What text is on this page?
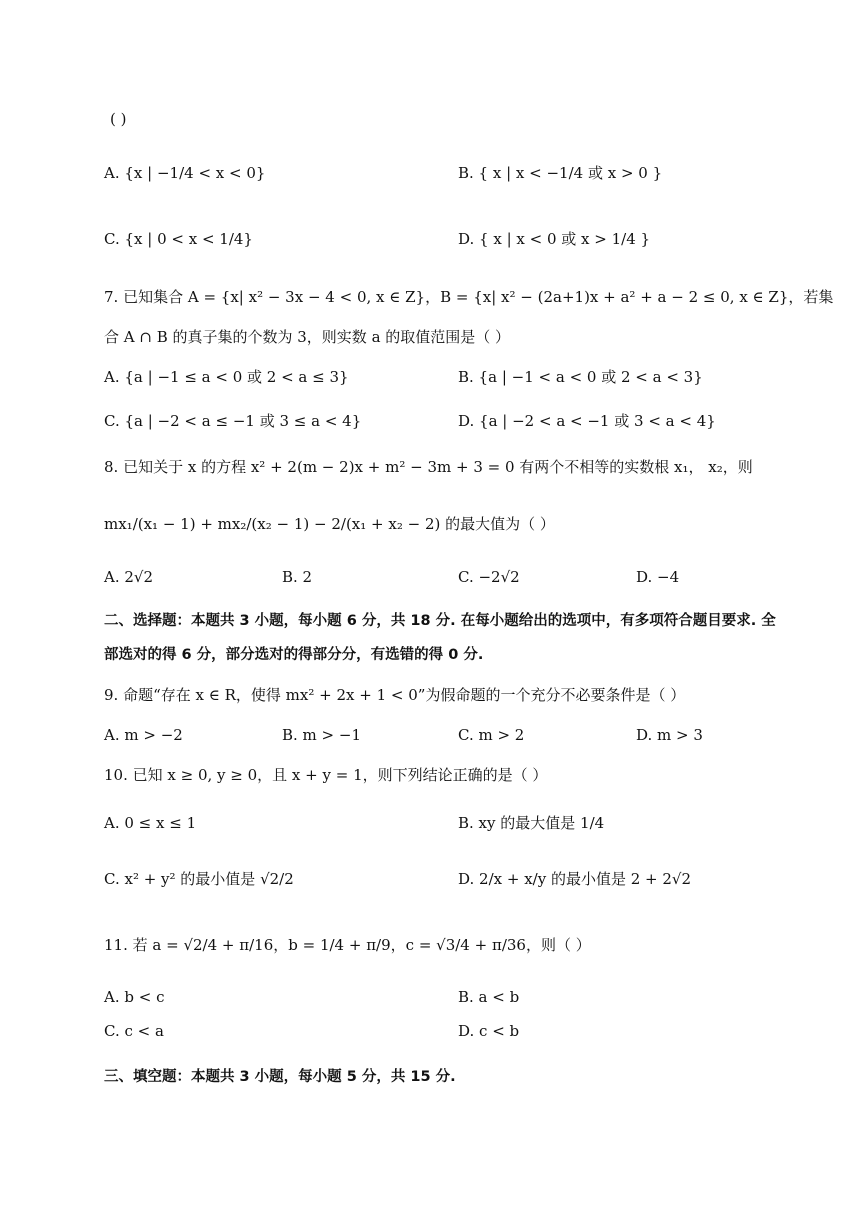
( )
A. {x | −1/4 < x < 0}	B. { x | x < −1/4 或 x > 0 }
C. {x | 0 < x < 1/4}	D. { x | x < 0 或 x > 1/4 }
7. 已知集合 A = {x| x² − 3x − 4 < 0, x ∈ Z}，B = {x| x² − (2a+1)x + a² + a − 2 ≤ 0, x ∈ Z}，若集
合 A ∩ B 的真子集的个数为 3，则实数 a 的取值范围是（ ）
A. {a | −1 ≤ a < 0 或 2 < a ≤ 3}	B. {a | −1 < a < 0 或 2 < a < 3}
C. {a | −2 < a ≤ −1 或 3 ≤ a < 4}	D. {a | −2 < a < −1 或 3 < a < 4}
8. 已知关于 x 的方程 x² + 2(m − 2)x + m² − 3m + 3 = 0 有两个不相等的实数根 x₁， x₂，则
mx₁/(x₁ − 1) + mx₂/(x₂ − 1) − 2/(x₁ + x₂ − 2) 的最大值为（ ）
A. 2√2	B. 2	C. −2√2	D. −4
二、选择题：本题共 3 小题，每小题 6 分，共 18 分. 在每小题给出的选项中，有多项符合题目要求. 全
部选对的得 6 分，部分选对的得部分分，有选错的得 0 分.
9. 命题“存在 x ∈ R，使得 mx² + 2x + 1 < 0”为假命题的一个充分不必要条件是（ ）
A. m > −2	B. m > −1	C. m > 2	D. m > 3
10. 已知 x ≥ 0, y ≥ 0，且 x + y = 1，则下列结论正确的是（ ）
A. 0 ≤ x ≤ 1	B. xy 的最大值是 1/4
C. x² + y² 的最小值是 √2/2	D. 2/x + x/y 的最小值是 2 + 2√2
11. 若 a = √2/4 + π/16，b = 1/4 + π/9，c = √3/4 + π/36，则（ ）
A. b < c	B. a < b
C. c < a	D. c < b
三、填空题：本题共 3 小题，每小题 5 分，共 15 分.
